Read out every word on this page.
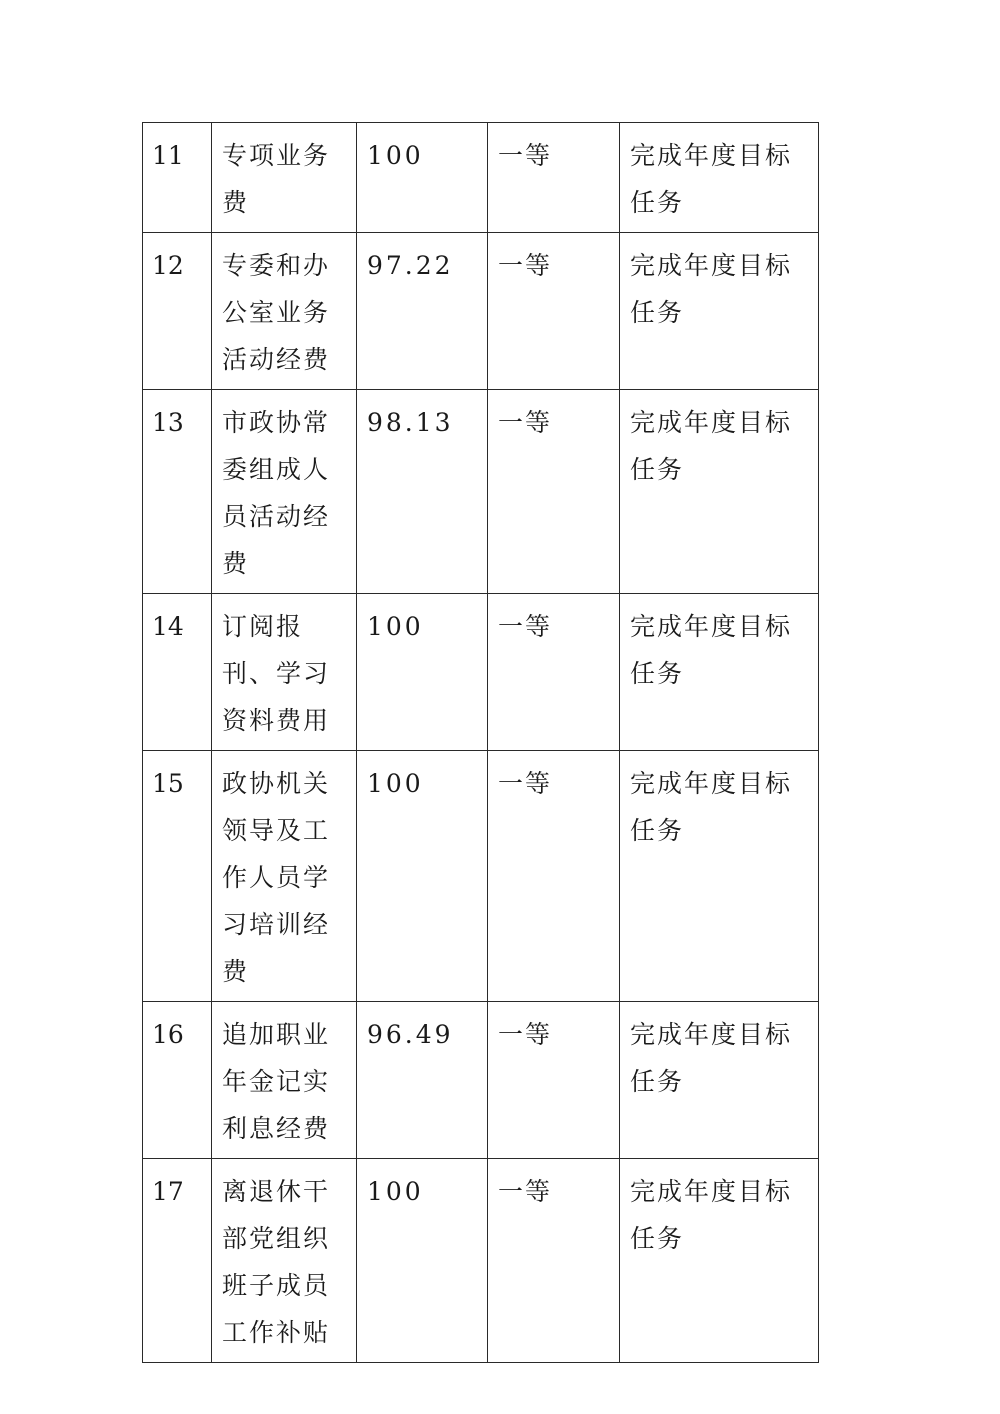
11	专项业务费	100	一等	完成年度目标任务

12	专委和办公室业务活动经费	97.22	一等	完成年度目标任务

13	市政协常委组成人员活动经费	98.13	一等	完成年度目标任务

14	订阅报刊、学习资料费用	100	一等	完成年度目标任务

15	政协机关领导及工作人员学习培训经费	100	一等	完成年度目标任务

16	追加职业年金记实利息经费	96.49	一等	完成年度目标任务

17	离退休干部党组织班子成员工作补贴	100	一等	完成年度目标任务
